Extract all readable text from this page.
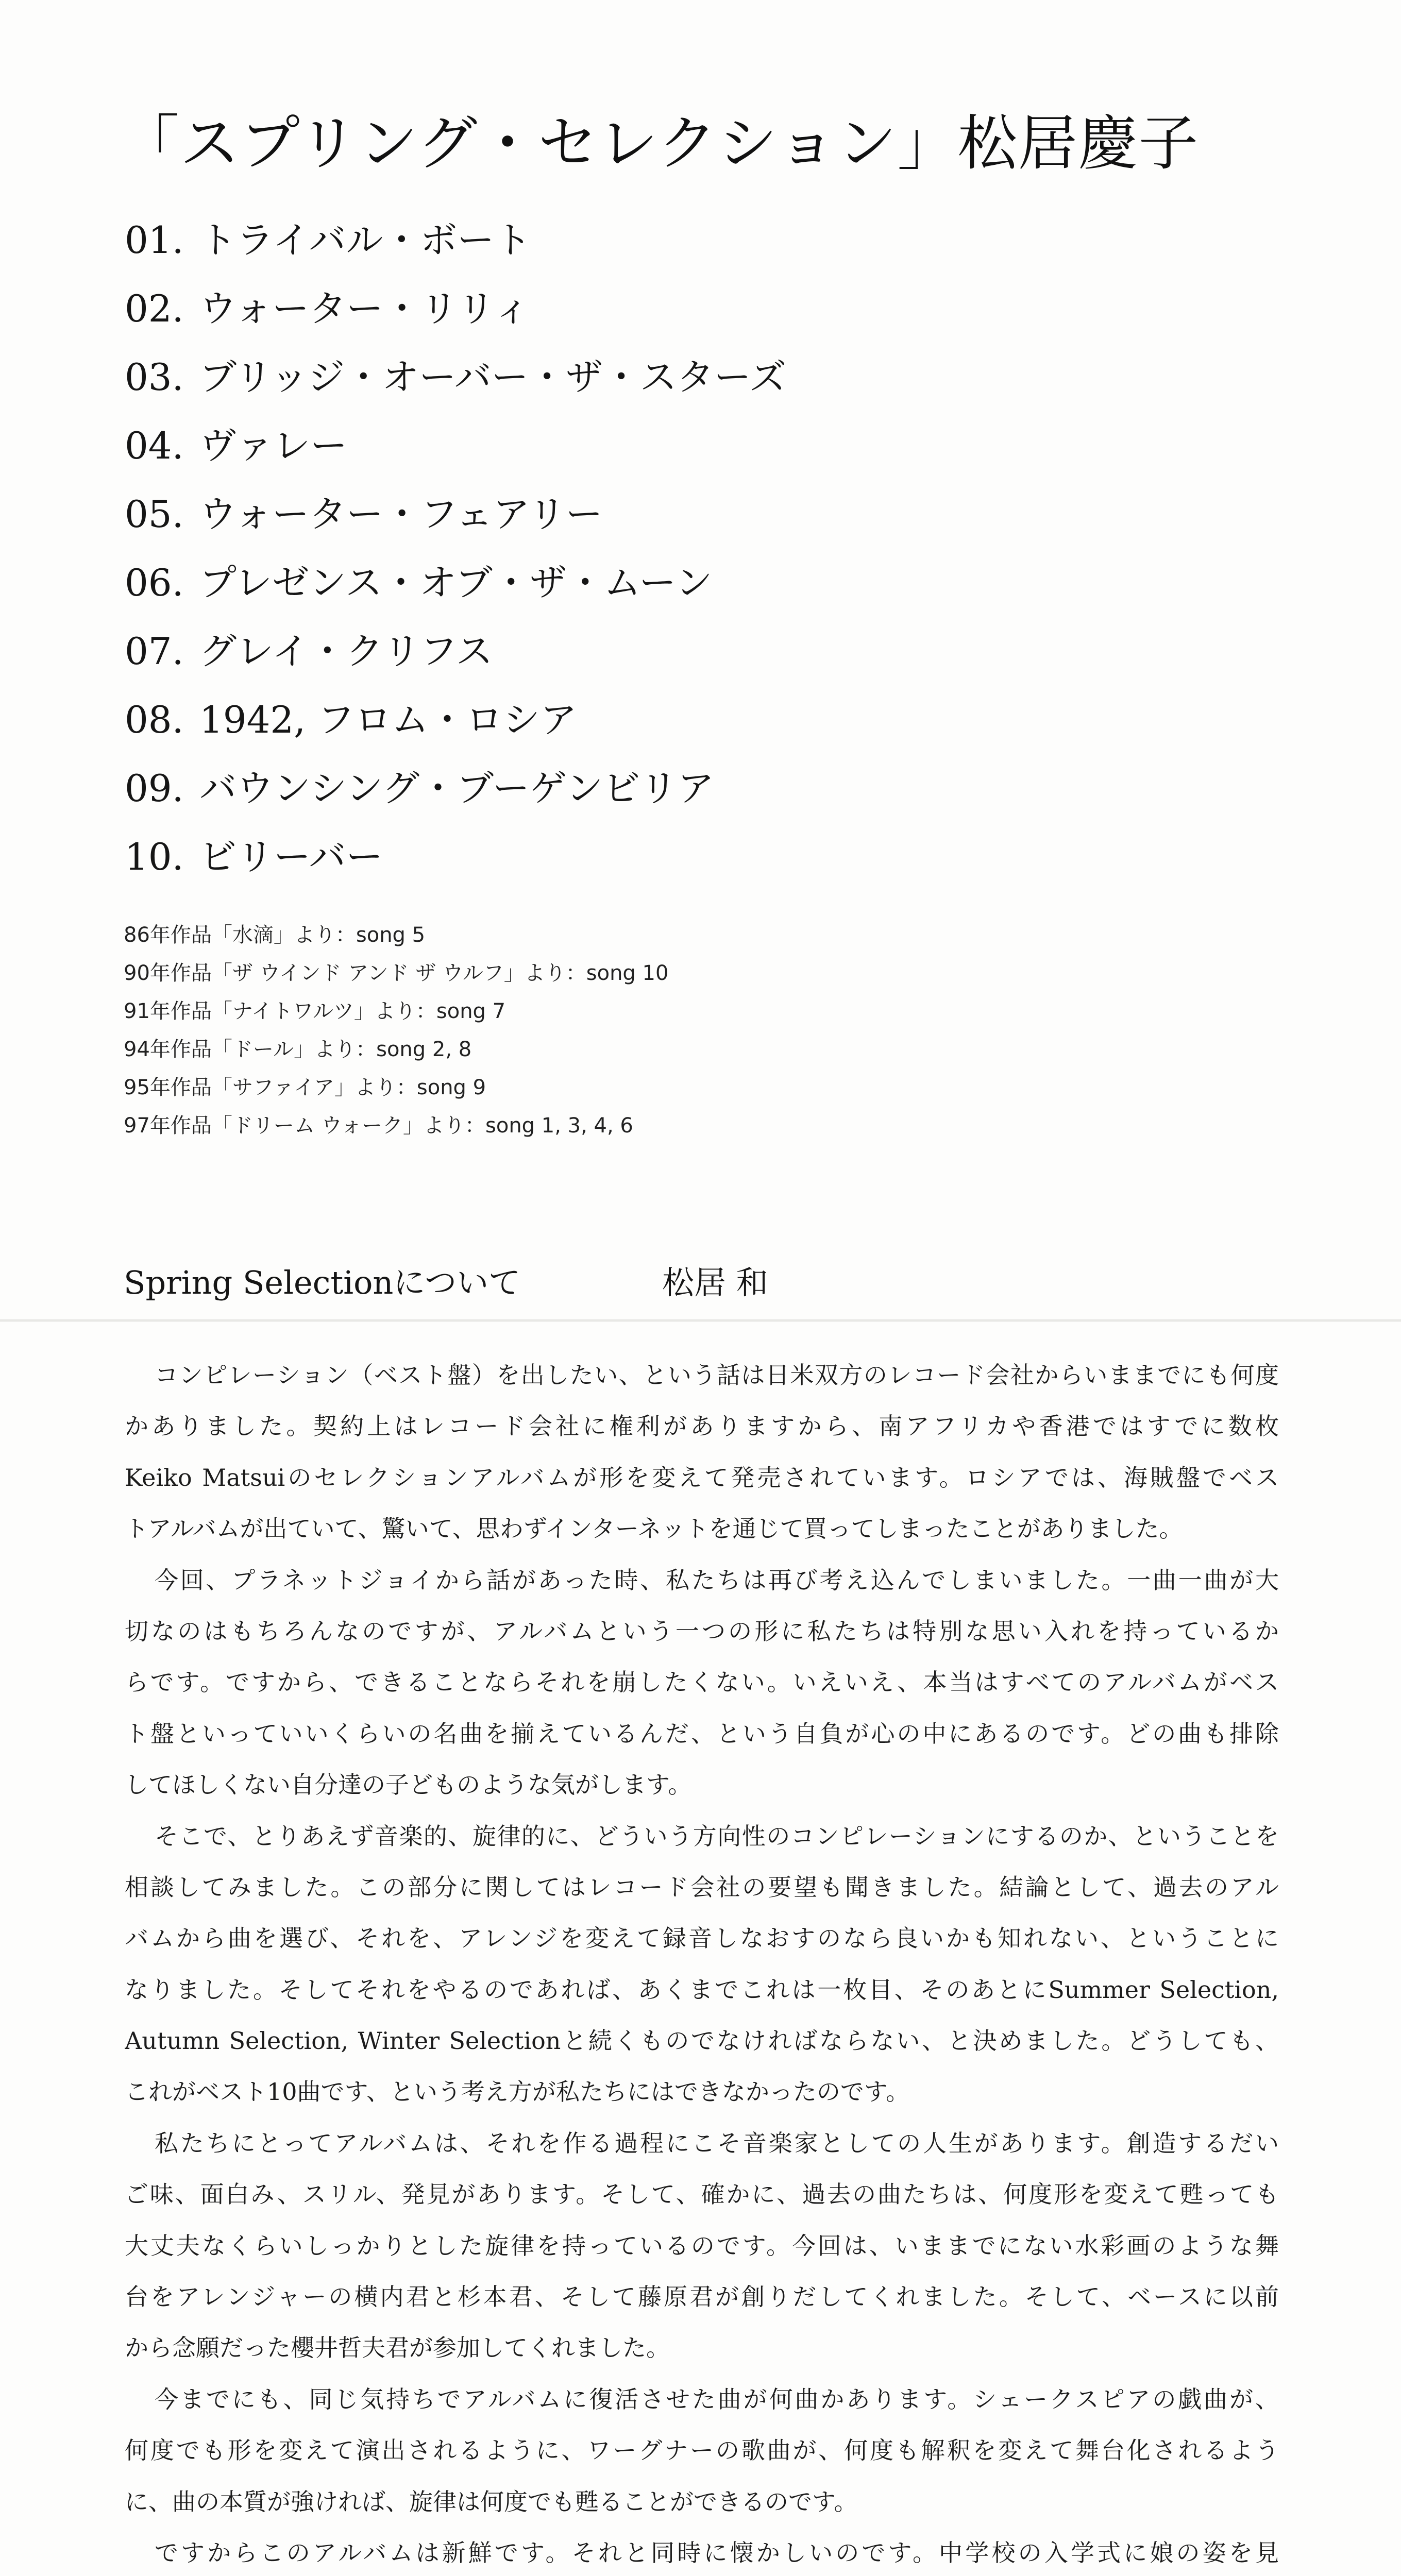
「スプリング・セレクション」松居慶子
01. トライバル・ボート
02. ウォーター・リリィ
03. ブリッジ・オーバー・ザ・スターズ
04. ヴァレー
05. ウォーター・フェアリー
06. プレゼンス・オブ・ザ・ムーン
07. グレイ・クリフス
08. 1942, フロム・ロシア
09. バウンシング・ブーゲンビリア
10. ビリーバー
86年作品「水滴」より：song 5
90年作品「ザ ウインド アンド ザ ウルフ」より：song 10
91年作品「ナイトワルツ」より：song 7
94年作品「ドール」より：song 2, 8
95年作品「サファイア」より：song 9
97年作品「ドリーム ウォーク」より：song 1, 3, 4, 6
Spring Selectionについて	松居 和
コンピレーション（ベスト盤）を出したい、という話は日米双方のレコード会社からいままでにも何度
かありました。契約上はレコード会社に権利がありますから、南アフリカや香港ではすでに数枚
Keiko Matsuiのセレクションアルバムが形を変えて発売されています。ロシアでは、海賊盤でベス
トアルバムが出ていて、驚いて、思わずインターネットを通じて買ってしまったことがありました。
今回、プラネットジョイから話があった時、私たちは再び考え込んでしまいました。一曲一曲が大
切なのはもちろんなのですが、アルバムという一つの形に私たちは特別な思い入れを持っているか
らです。ですから、できることならそれを崩したくない。いえいえ、本当はすべてのアルバムがベス
ト盤といっていいくらいの名曲を揃えているんだ、という自負が心の中にあるのです。どの曲も排除
してほしくない自分達の子どものような気がします。
そこで、とりあえず音楽的、旋律的に、どういう方向性のコンピレーションにするのか、ということを
相談してみました。この部分に関してはレコード会社の要望も聞きました。結論として、過去のアル
バムから曲を選び、それを、アレンジを変えて録音しなおすのなら良いかも知れない、ということに
なりました。そしてそれをやるのであれば、あくまでこれは一枚目、そのあとにSummer Selection,
Autumn Selection, Winter Selectionと続くものでなければならない、と決めました。どうしても、
これがベスト10曲です、という考え方が私たちにはできなかったのです。
私たちにとってアルバムは、それを作る過程にこそ音楽家としての人生があります。創造するだい
ご味、面白み、スリル、発見があります。そして、確かに、過去の曲たちは、何度形を変えて甦っても
大丈夫なくらいしっかりとした旋律を持っているのです。今回は、いままでにない水彩画のような舞
台をアレンジャーの横内君と杉本君、そして藤原君が創りだしてくれました。そして、ベースに以前
から念願だった櫻井哲夫君が参加してくれました。
今までにも、同じ気持ちでアルバムに復活させた曲が何曲かあります。シェークスピアの戯曲が、
何度でも形を変えて演出されるように、ワーグナーの歌曲が、何度も解釈を変えて舞台化されるよう
に、曲の本質が強ければ、旋律は何度でも甦ることができるのです。
ですからこのアルバムは新鮮です。それと同時に懐かしいのです。中学校の入学式に娘の姿を見
